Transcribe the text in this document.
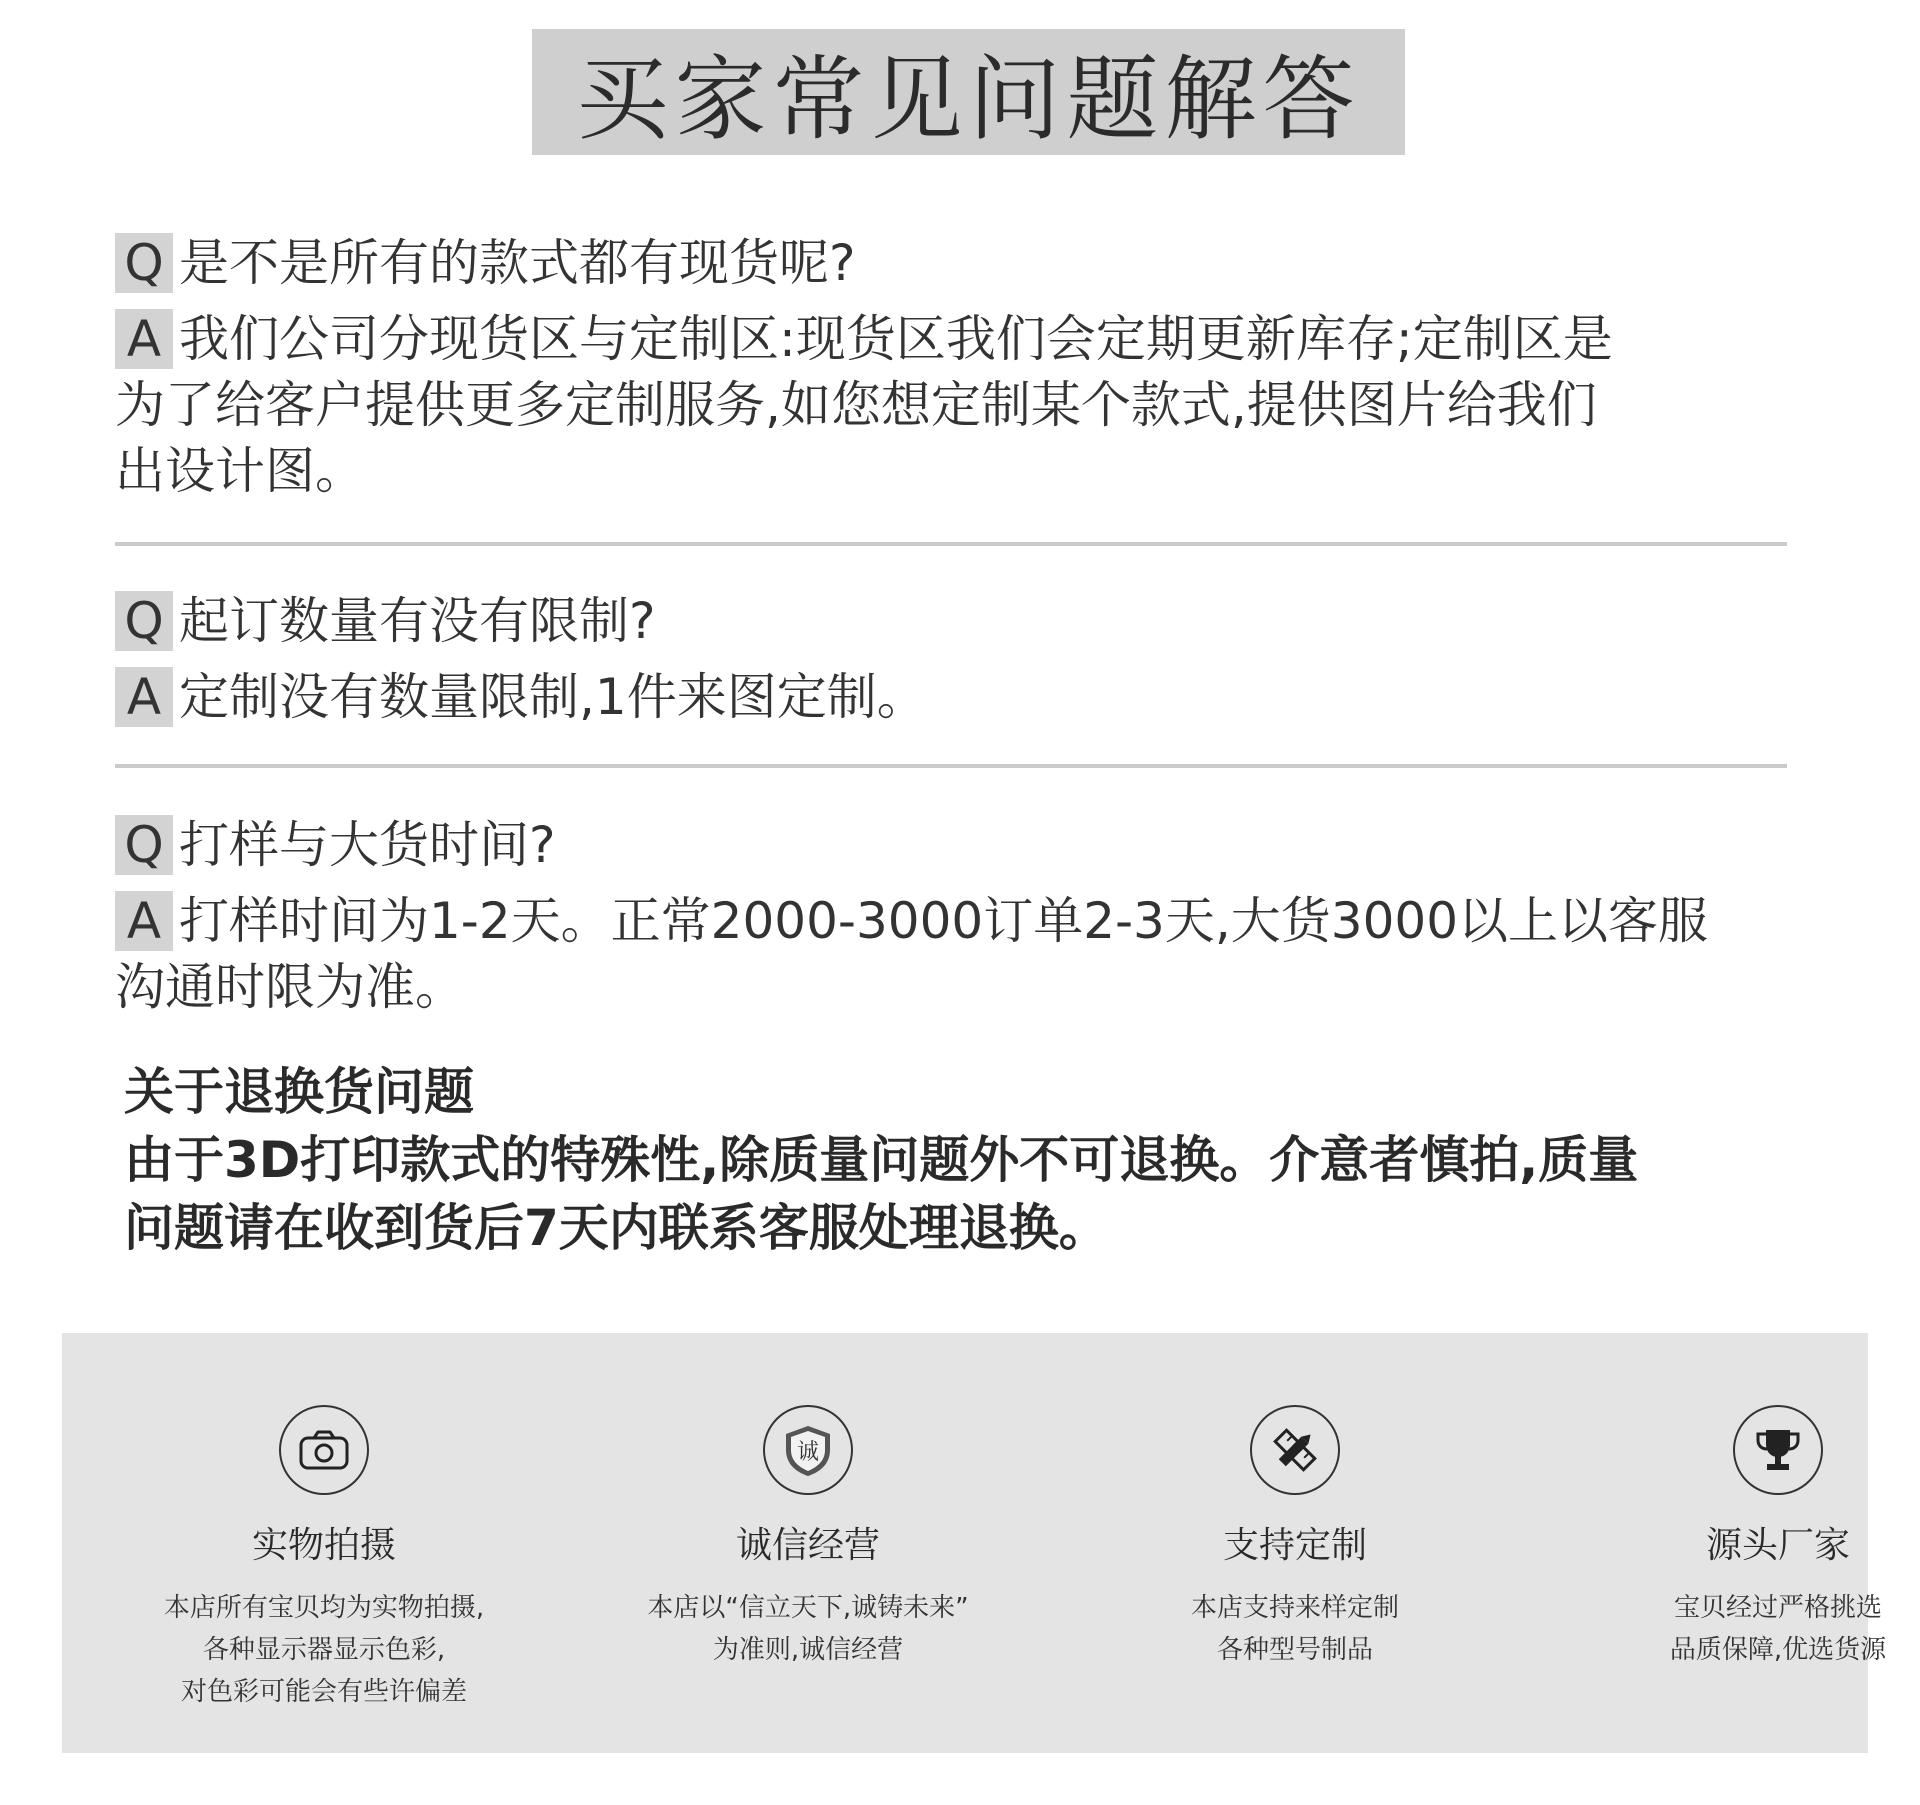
买家常见问题解答

Q 是不是所有的款式都有现货呢?

A 我们公司分现货区与定制区:现货区我们会定期更新库存;定制区是

为了给客户提供更多定制服务,如您想定制某个款式,提供图片给我们

出设计图。

Q 起订数量有没有限制?

A 定制没有数量限制,1件来图定制。

Q 打样与大货时间?

A 打样时间为1-2天。正常2000-3000订单2-3天,大货3000以上以客服

沟通时限为准。

关于退换货问题

由于3D打印款式的特殊性,除质量问题外不可退换。介意者慎拍,质量

问题请在收到货后7天内联系客服处理退换。

实物拍摄
本店所有宝贝均为实物拍摄,
各种显示器显示色彩,
对色彩可能会有些许偏差
诚
诚信经营
本店以“信立天下,诚铸未来”
为准则,诚信经营
支持定制
本店支持来样定制
各种型号制品
源头厂家
宝贝经过严格挑选
品质保障,优选货源
